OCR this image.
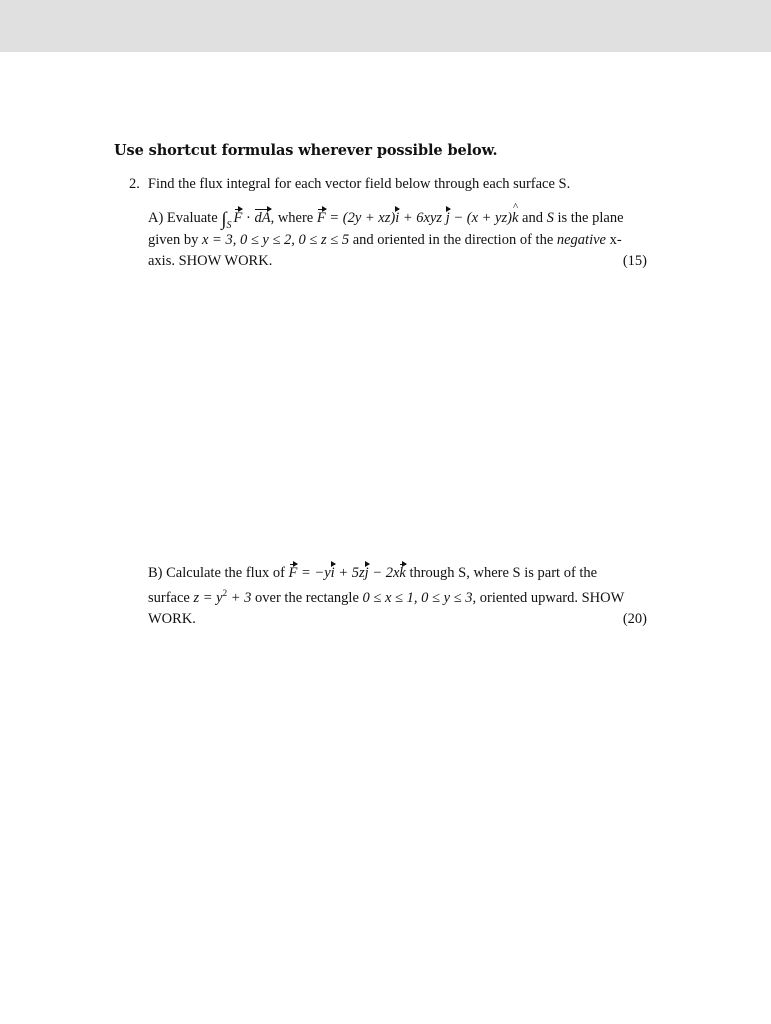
Use shortcut formulas wherever possible below.
2. Find the flux integral for each vector field below through each surface S.
A) Evaluate $\int_S$ F · dA, where F = (2y + xz)i + 6xyz j − (x + yz)^ k and S is the plane
given by x = 3, 0 ≤ y ≤ 2, 0 ≤ z ≤ 5 and oriented in the direction of the negative x-
axis. SHOW WORK.	(15)
B) Calculate the flux of F = −yi + 5zj − 2xk through S, where S is part of the
surface $z = y^2 + 3$ over the rectangle 0 ≤ x ≤ 1, 0 ≤ y ≤ 3, oriented upward. SHOW
WORK.	(20)
